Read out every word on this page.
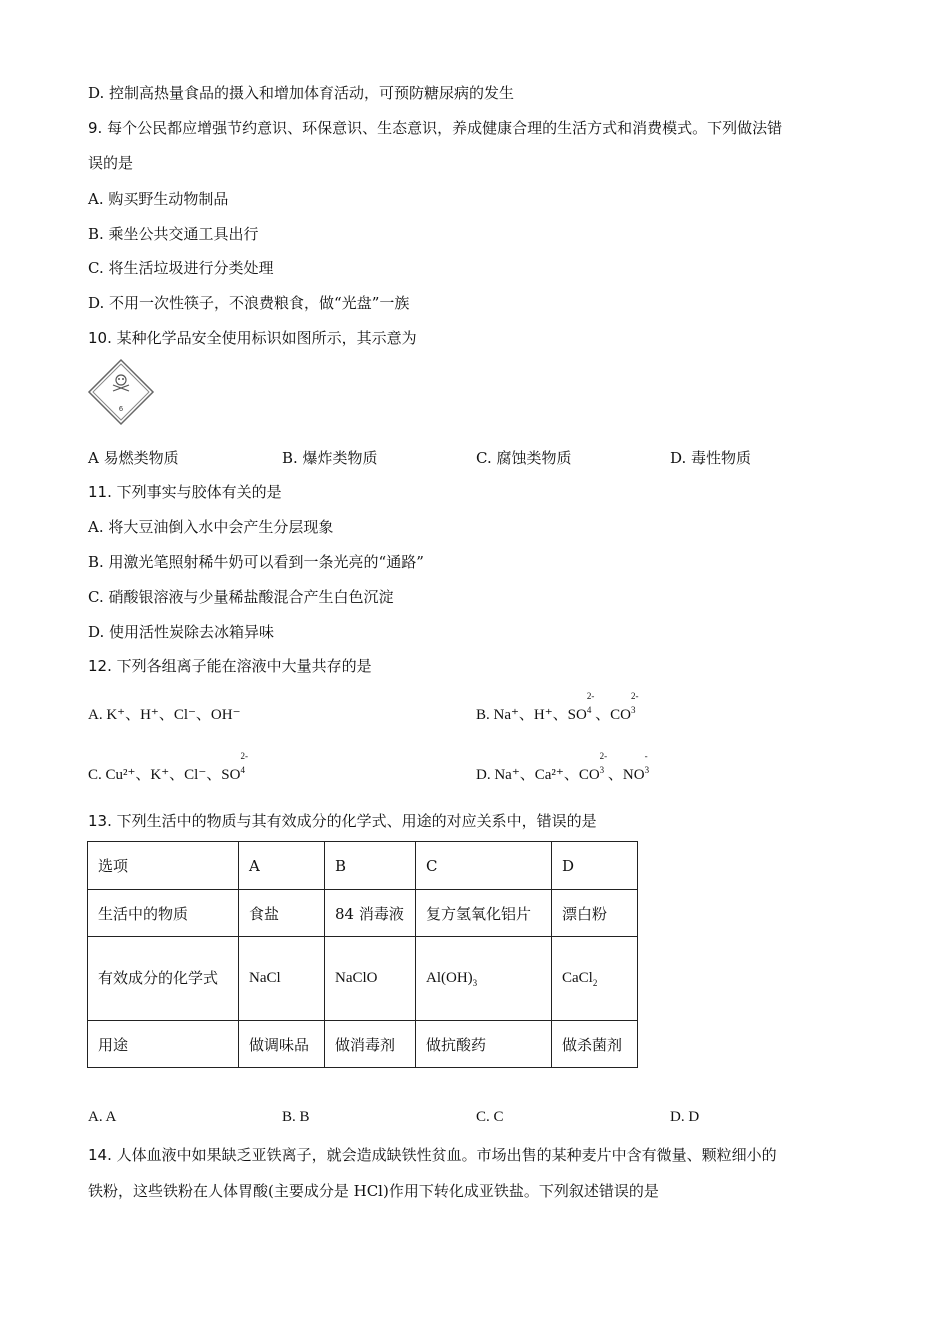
D. 控制高热量食品的摄入和增加体育活动，可预防糖尿病的发生
9. 每个公民都应增强节约意识、环保意识、生态意识，养成健康合理的生活方式和消费模式。下列做法错
误的是
A. 购买野生动物制品
B. 乘坐公共交通工具出行
C. 将生活垃圾进行分类处理
D. 不用一次性筷子，不浪费粮食，做“光盘”一族
10. 某种化学品安全使用标识如图所示，其示意为
6
A 易燃类物质	B. 爆炸类物质	C. 腐蚀类物质	D. 毒性物质
11. 下列事实与胶体有关的是
A. 将大豆油倒入水中会产生分层现象
B. 用激光笔照射稀牛奶可以看到一条光亮的“通路”
C. 硝酸银溶液与少量稀盐酸混合产生白色沉淀
D. 使用活性炭除去冰箱异味
12. 下列各组离子能在溶液中大量共存的是
A. K⁺、H⁺、Cl⁻、OH⁻	B. Na⁺、H⁺、SO
2-
$^4$ 、CO
2-
$^3$
C. Cu²⁺、K⁺、Cl⁻、SO
2-
$^4$	D. Na⁺、Ca²⁺、CO
2-
$^3$ 、NO
-
$^3$
13. 下列生活中的物质与其有效成分的化学式、用途的对应关系中，错误的是
选项	A	B	C	D
生活中的物质	食盐	84 消毒液	复方氢氧化铝片	漂白粉
有效成分的化学式	NaCl	NaClO	$Al(OH)_3$	CaCl$_2$
用途	做调味品	做消毒剂	做抗酸药	做杀菌剂
A. A	B. B	C. C	D. D
14. 人体血液中如果缺乏亚铁离子，就会造成缺铁性贫血。市场出售的某种麦片中含有微量、颗粒细小的
铁粉，这些铁粉在人体胃酸(主要成分是 HCl)作用下转化成亚铁盐。下列叙述错误的是
